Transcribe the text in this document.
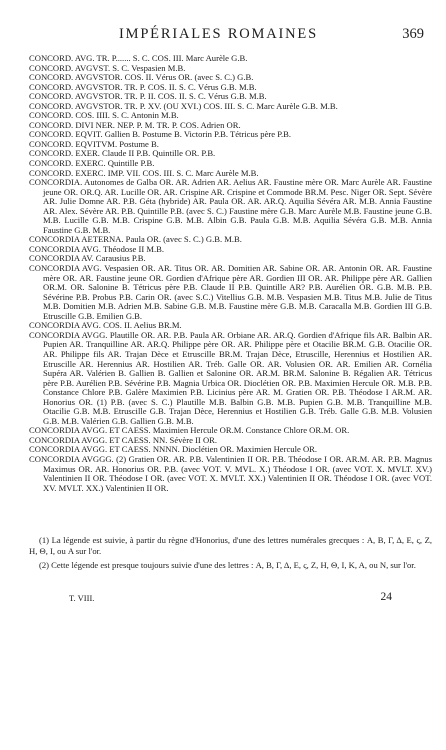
IMPÉRIALES ROMAINES	369

CONCORD. AVG. TR. P....... S. C. COS. III. Marc Aurèle G.B.

CONCORD. AVGVST. S. C. Vespasien M.B.

CONCORD. AVGVSTOR. COS. II. Vérus OR. (avec S. C.) G.B.

CONCORD. AVGVSTOR. TR. P. COS. II. S. C. Vérus G.B. M.B.

CONCORD. AVGVSTOR. TR. P. II. COS. II. S. C. Vérus G.B. M.B.

CONCORD. AVGVSTOR. TR. P. XV. (OU XVI.) COS. III. S. C. Marc Aurèle G.B. M.B.

CONCORD. COS. IIII. S. C. Antonin M.B.

CONCORD. DIVI NER. NEP. P. M. TR. P. COS. Adrien OR.

CONCORD. EQVIT. Gallien B. Postume B. Victorin P.B. Tétricus père P.B.

CONCORD. EQVITVM. Postume B.

CONCORD. EXER. Claude II P.B. Quintille OR. P.B.

CONCORD. EXERC. Quintille P.B.

CONCORD. EXERC. IMP. VII. COS. III. S. C. Marc Aurèle M.B.

CONCORDIA. Autonomes de Galba OR. AR. Adrien AR. Aelius AR. Faustine mère OR. Marc Aurèle AR. Faustine jeune OR. OR.Q. AR. Lucille OR. AR. Crispine AR. Crispine et Commode BR.M. Pesc. Niger OR. Sept. Sévère AR. Julie Domne AR. P.B. Géta (hybride) AR. Paula OR. AR. AR.Q. Aquilia Sévéra AR. M.B. Annia Faustine AR. Alex. Sévère AR. P.B. Quintille P.B. (avec S. C.) Faustine mère G.B. Marc Aurèle M.B. Faustine jeune G.B. M.B. Lucille G.B. M.B. Crispine G.B. M.B. Albin G.B. Paula G.B. M.B. Aquilia Sévéra G.B. M.B. Annia Faustine G.B. M.B.

CONCORDIA AETERNA. Paula OR. (avec S. C.) G.B. M.B.

CONCORDIA AVG. Théodose II M.B.

CONCORDIA AV. Carausius P.B.

CONCORDIA AVG. Vespasien OR. AR. Titus OR. AR. Domitien AR. Sabine OR. AR. Antonin OR. AR. Faustine mère OR. AR. Faustine jeune OR. Gordien d'Afrique père AR. Gordien III OR. AR. Philippe père AR. Gallien OR.M. OR. Salonine B. Tétricus père P.B. Claude II P.B. Quintille AR? P.B. Aurélien OR. G.B. M.B. P.B. Sévérine P.B. Probus P.B. Carin OR. (avec S.C.) Vitellius G.B. M.B. Vespasien M.B. Titus M.B. Julie de Titus M.B. Domitien M.B. Adrien M.B. Sabine G.B. M.B. Faustine mère G.B. M.B. Caracalla M.B. Gordien III G.B. Etruscille G.B. Emilien G.B.

CONCORDIA AVG. COS. II. Aelius BR.M.

CONCORDIA AVGG. Plautille OR. AR. P.B. Paula AR. Orbiane AR. AR.Q. Gordien d'Afrique fils AR. Balbin AR. Pupien AR. Tranquilline AR. AR.Q. Philippe père OR. AR. Philippe père et Otacilie BR.M. G.B. Otacilie OR. AR. Philippe fils AR. Trajan Dèce et Etruscille BR.M. Trajan Dèce, Etruscille, Herennius et Hostilien AR. Etruscille AR. Herennius AR. Hostilien AR. Tréb. Galle OR. AR. Volusien OR. AR. Emilien AR. Cornélia Supéra AR. Valérien B. Gallien B. Gallien et Salonine OR. AR.M. BR.M. Salonine B. Régalien AR. Tétricus père P.B. Aurélien P.B. Sévérine P.B. Magnia Urbica OR. Dioclétien OR. P.B. Maximien Hercule OR. M.B. P.B. Constance Chlore P.B. Galère Maximien P.B. Licinius père AR. M. Gratien OR. P.B. Théodose I AR.M. AR. Honorius OR. (1) P.B. (avec S. C.) Plautille M.B. Balbin G.B. M.B. Pupien G.B. M.B. Tranquilline M.B. Otacilie G.B. M.B. Etruscille G.B. Trajan Dèce, Herennius et Hostilien G.B. Tréb. Galle G.B. M.B. Volusien G.B. M.B. Valérien G.B. Gallien G.B. M.B.

CONCORDIA AVGG. ET CAESS. Maximien Hercule OR.M. Constance Chlore OR.M. OR.

CONCORDIA AVGG. ET CAESS. NN. Sévère II OR.

CONCORDIA AVGG. ET CAESS. NNNN. Dioclétien OR. Maximien Hercule OR.

CONCORDIA AVGGG. (2) Gratien OR. AR. P.B. Valentinien II OR. P.B. Théodose I OR. AR.M. AR. P.B. Magnus Maximus OR. AR. Honorius OR. P.B. (avec VOT. V. MVL. X.) Théodose I OR. (avec VOT. X. MVLT. XV.) Valentinien II OR. Théodose I OR. (avec VOT. X. MVLT. XX.) Valentinien II OR. Théodose I OR. (avec VOT. XV. MVLT. XX.) Valentinien II OR.

(1) La légende est suivie, à partir du règne d'Honorius, d'une des lettres numérales grecques : Α, Β, Γ, Δ, Ε, ς, Ζ, Η, Θ, Ι, ou Α sur l'or.

(2) Cette légende est presque toujours suivie d'une des lettres : Α, Β, Γ, Δ, Ε, ς, Ζ, Η, Θ, Ι, Κ, Α, ou Ν, sur l'or.

T. VIII.	24
